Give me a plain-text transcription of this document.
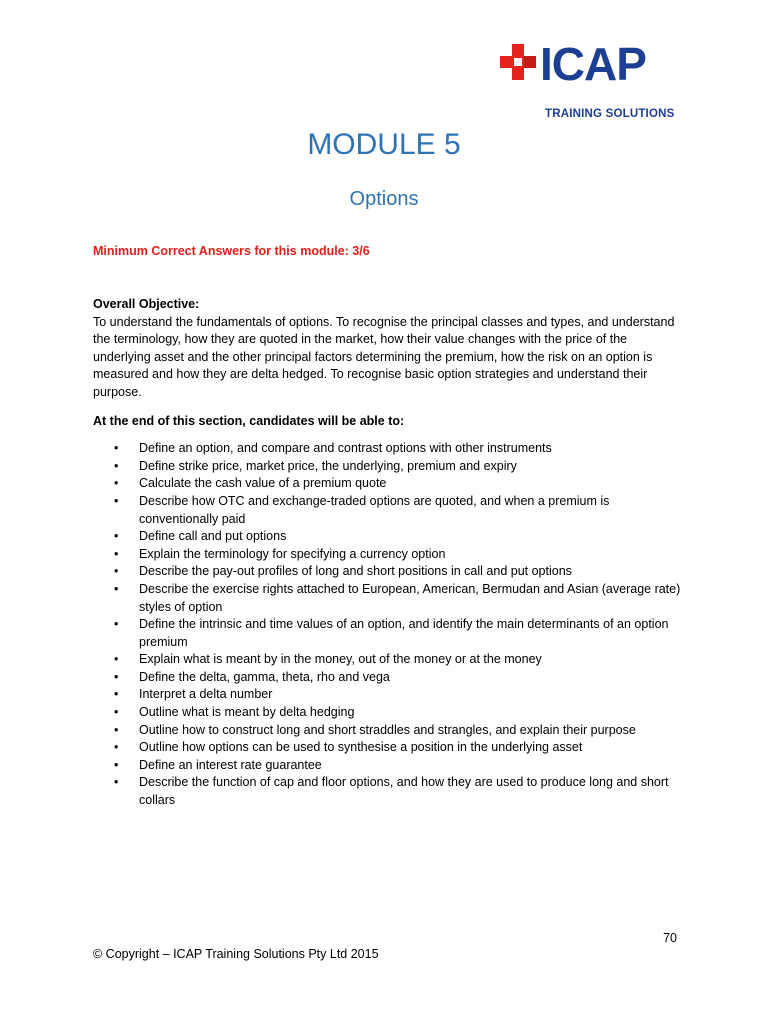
ICAP
TRAINING SOLUTIONS
MODULE 5
Options
Minimum Correct Answers for this module: 3/6
Overall Objective:

To understand the fundamentals of options. To recognise the principal classes and types, and understand the terminology, how they are quoted in the market, how their value changes with the price of the underlying asset and the other principal factors determining the premium, how the risk on an option is measured and how they are delta hedged. To recognise basic option strategies and understand their purpose.

At the end of this section, candidates will be able to:
• Define an option, and compare and contrast options with other instruments
• Define strike price, market price, the underlying, premium and expiry
• Calculate the cash value of a premium quote
• Describe how OTC and exchange-traded options are quoted, and when a premium is conventionally paid
• Define call and put options
• Explain the terminology for specifying a currency option
• Describe the pay-out profiles of long and short positions in call and put options
• Describe the exercise rights attached to European, American, Bermudan and Asian (average rate) styles of option
• Define the intrinsic and time values of an option, and identify the main determinants of an option premium
• Explain what is meant by in the money, out of the money or at the money
• Define the delta, gamma, theta, rho and vega
• Interpret a delta number
• Outline what is meant by delta hedging
• Outline how to construct long and short straddles and strangles, and explain their purpose
• Outline how options can be used to synthesise a position in the underlying asset
• Define an interest rate guarantee
• Describe the function of cap and floor options, and how they are used to produce long and short collars
70
© Copyright – ICAP Training Solutions Pty Ltd 2015
